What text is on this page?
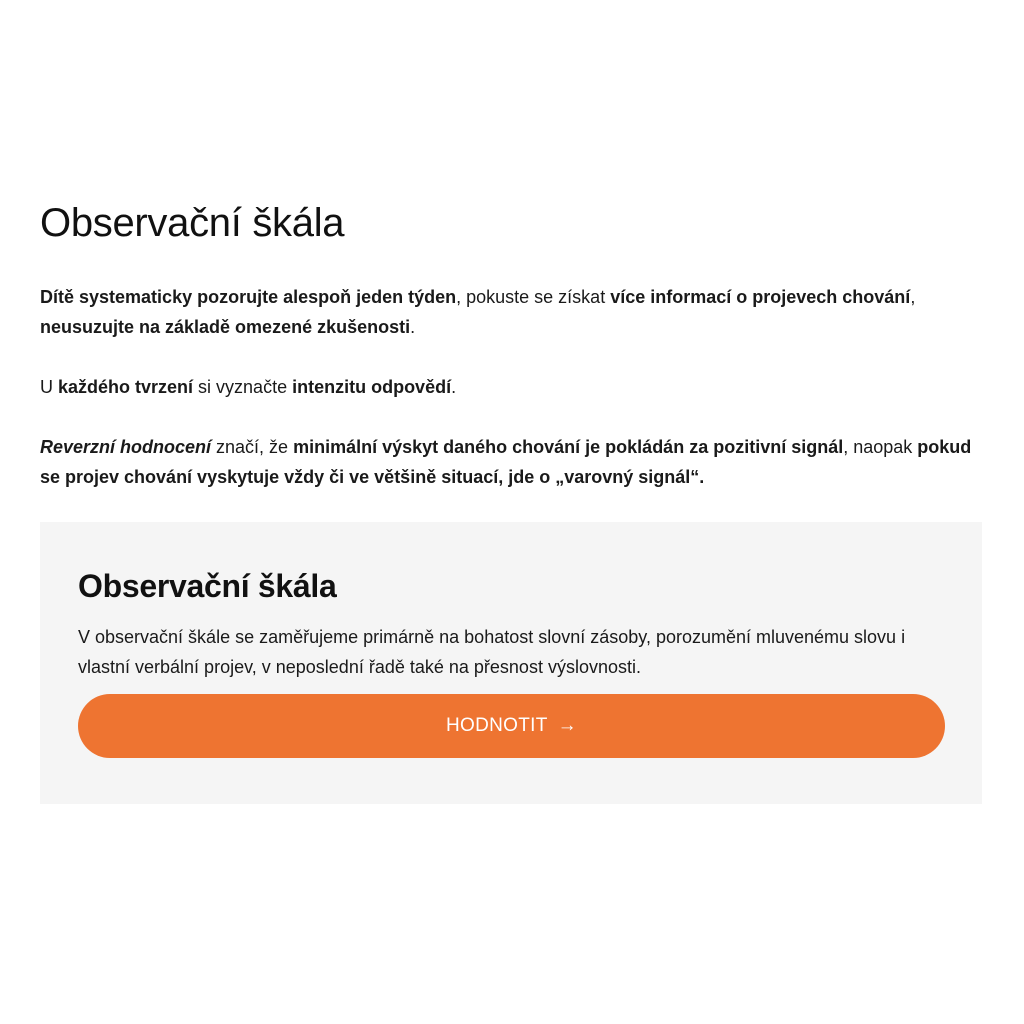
Observační škála

Dítě systematicky pozorujte alespoň jeden týden, pokuste se získat více informací o projevech chování, neusuzujte na základě omezené zkušenosti.

U každého tvrzení si vyznačte intenzitu odpovědí.

Reverzní hodnocení značí, že minimální výskyt daného chování je pokládán za pozitivní signál, naopak pokud se projev chování vyskytuje vždy či ve většině situací, jde o „varovný signál“.

Observační škála

V observační škále se zaměřujeme primárně na bohatost slovní zásoby, porozumění mluvenému slovu i vlastní verbální projev, v neposlední řadě také na přesnost výslovnosti.

HODNOTIT →
